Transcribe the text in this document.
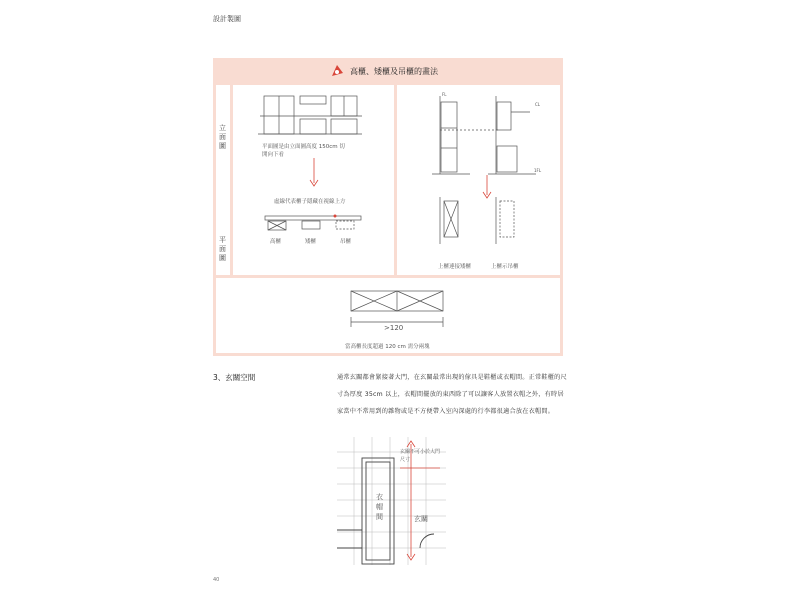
設計製圖
高櫃、矮櫃及吊櫃的畫法
立面圖
平面圖
平面圖是由立面圖高度 150cm 切開向下看
虛線代表櫃子隱藏在視線上方
高櫃	矮櫃	吊櫃
FL
CL
1FL
上櫃連接矮櫃	上櫃示吊櫃
>120
當高櫃長度超過 120 cm 需分兩塊
3、玄關空間	通常玄關都會緊接著大門，在玄關最常出現的傢具是鞋櫃或衣帽間。正常鞋櫃的尺寸為厚度 35cm 以上，衣帽間擺放的東西除了可以讓客人放置衣帽之外，有時居家當中不常用到的雜物或是不方便帶入室內深處的行李都很適合放在衣帽間。
玄關不可小於大門尺寸
衣帽間	玄關
40
